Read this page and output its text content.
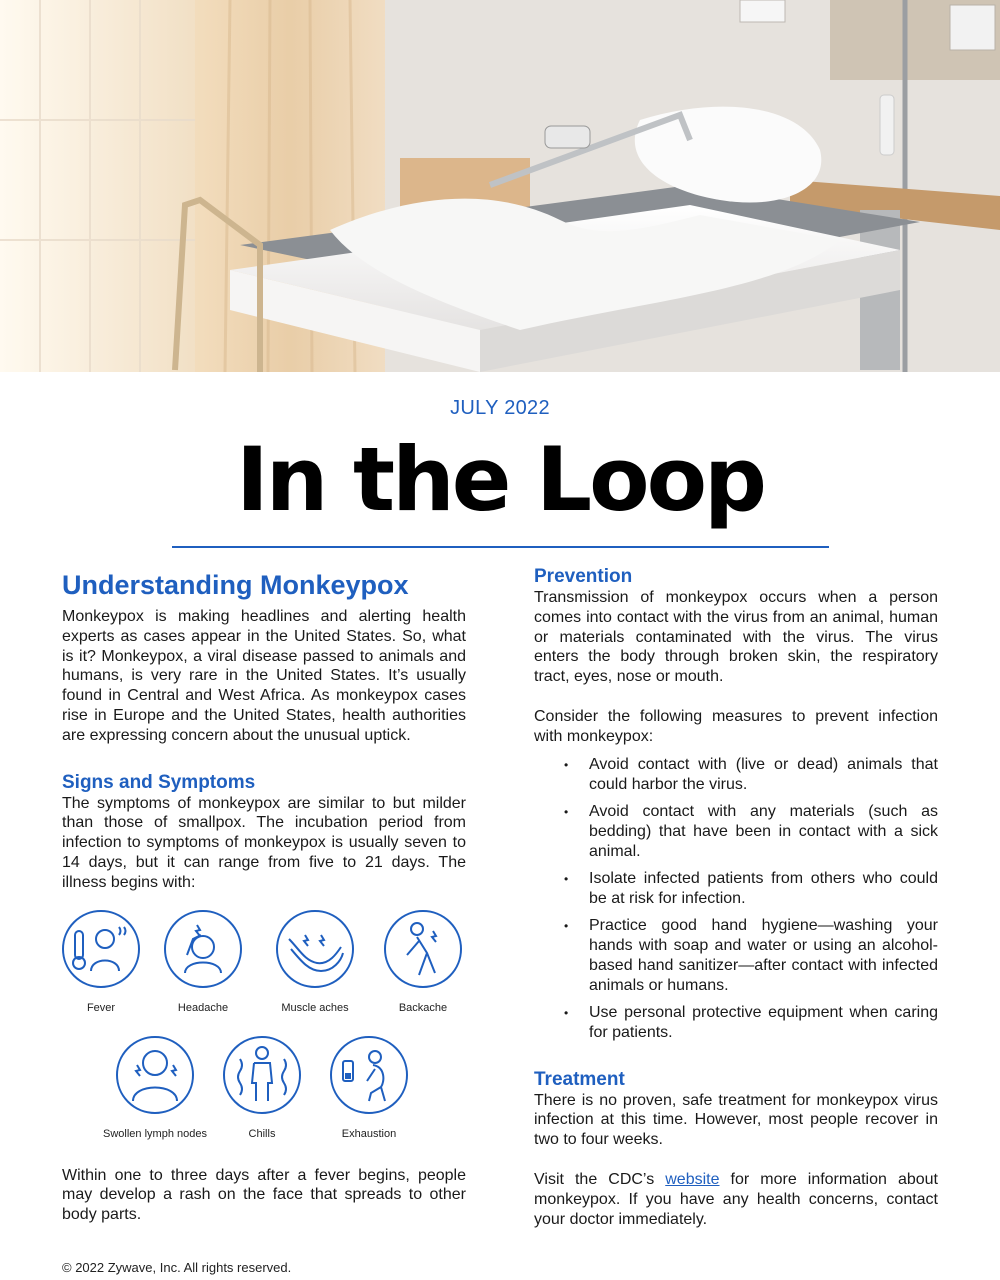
JULY 2022
In the Loop
Understanding Monkeypox

Monkeypox is making headlines and alerting health experts as cases appear in the United States. So, what is it? Monkeypox, a viral disease passed to animals and humans, is very rare in the United States. It’s usually found in Central and West Africa. As monkeypox cases rise in Europe and the United States, health authorities are expressing concern about the unusual uptick.

Signs and Symptoms

The symptoms of monkeypox are similar to but milder than those of smallpox. The incubation period from infection to symptoms of monkeypox is usually seven to 14 days, but it can range from five to 21 days. The illness begins with:

Fever	Headache	Muscle aches	Backache
Swollen lymph nodes	Chills	Exhaustion

Within one to three days after a fever begins, people may develop a rash on the face that spreads to other body parts.

Prevention

Transmission of monkeypox occurs when a person comes into contact with the virus from an animal, human or materials contaminated with the virus. The virus enters the body through broken skin, the respiratory tract, eyes, nose or mouth.

Consider the following measures to prevent infection with monkeypox:

• Avoid contact with (live or dead) animals that could harbor the virus.
• Avoid contact with any materials (such as bedding) that have been in contact with a sick animal.
• Isolate infected patients from others who could be at risk for infection.
• Practice good hand hygiene—washing your hands with soap and water or using an alcohol-based hand sanitizer—after contact with infected animals or humans.
• Use personal protective equipment when caring for patients.
Treatment

There is no proven, safe treatment for monkeypox virus infection at this time. However, most people recover in two to four weeks.

Visit the CDC’s website for more information about monkeypox. If you have any health concerns, contact your doctor immediately.

© 2022 Zywave, Inc. All rights reserved.
